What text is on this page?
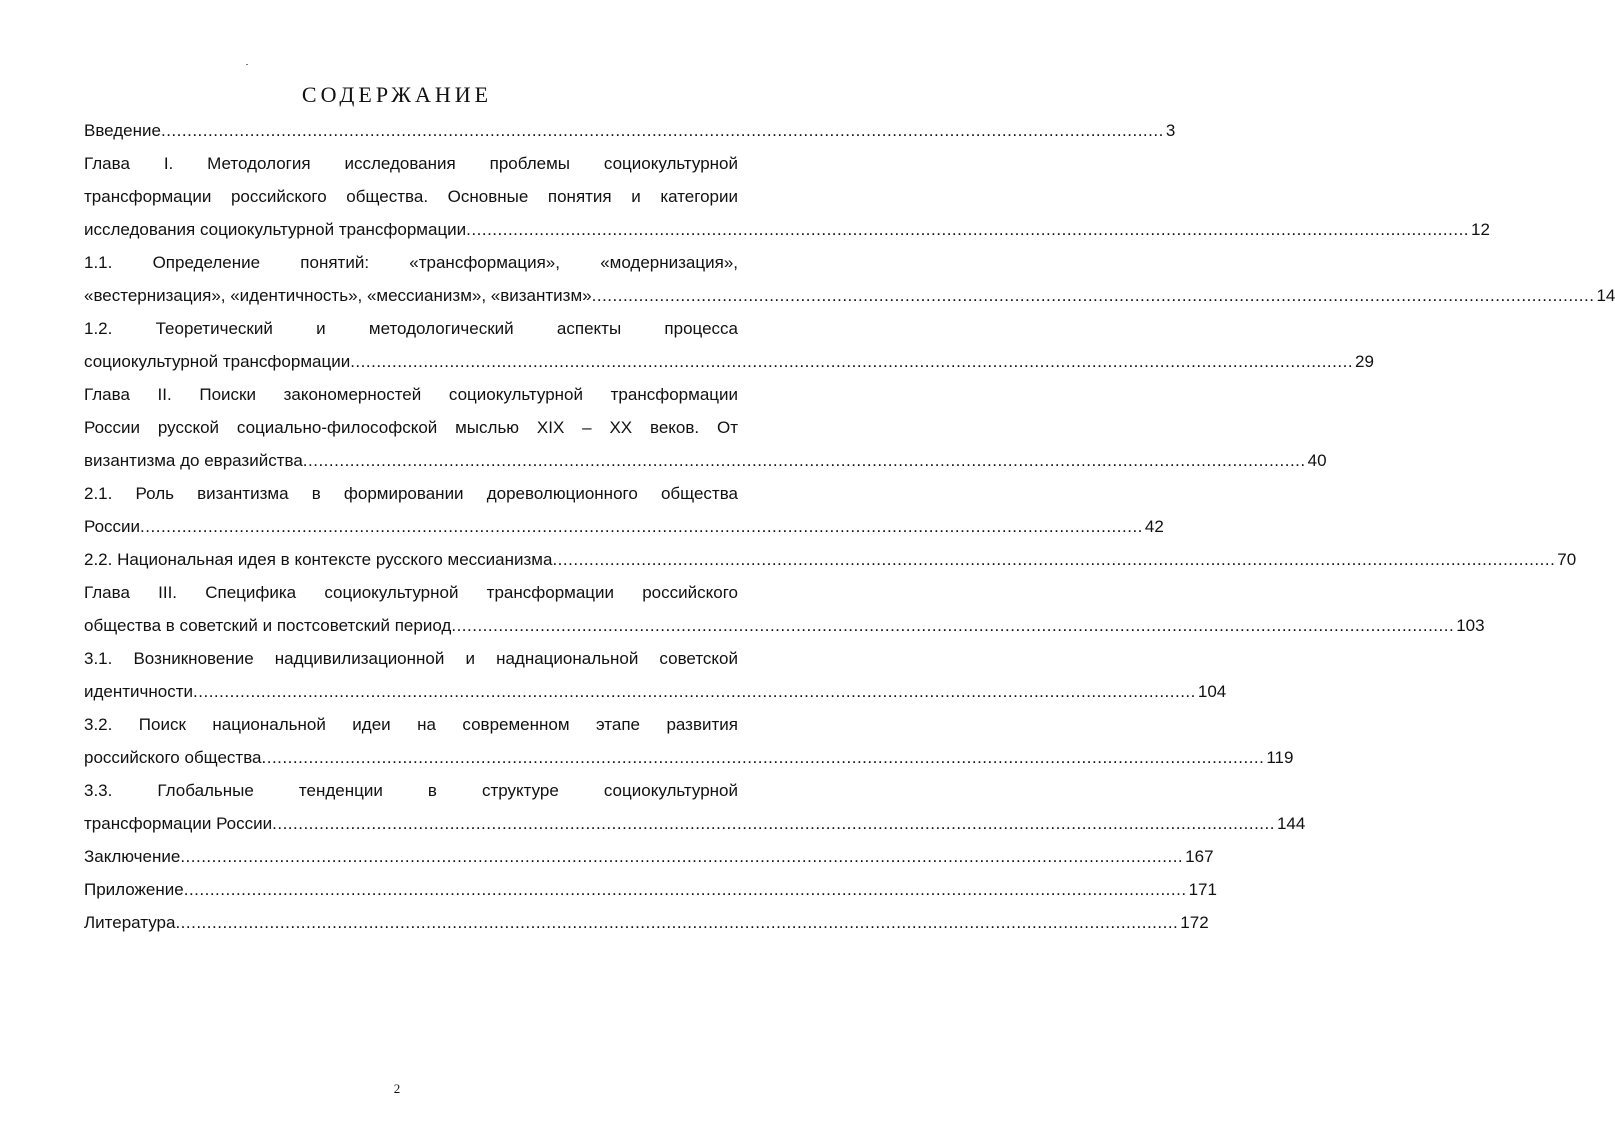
СОДЕРЖАНИЕ
Введение ................................................................................................................................................................................................ 3
Глава I. Методология исследования проблемы социокультурной
трансформации российского общества. Основные понятия и категории
исследования социокультурной трансформации ................................................................................................................................................................................................ 12
1.1. Определение понятий: «трансформация», «модернизация»,
«вестернизация», «идентичность», «мессианизм», «византизм» ................................................................................................................................................................................................ 14
1.2. Теоретический и методологический аспекты процесса
социокультурной трансформации ................................................................................................................................................................................................ 29
Глава II. Поиски закономерностей социокультурной трансформации
России русской социально-философской мыслью XIX – XX веков. От
византизма до евразийства ................................................................................................................................................................................................ 40
2.1. Роль византизма в формировании дореволюционного общества
России ................................................................................................................................................................................................ 42
2.2. Национальная идея в контексте русского мессианизма ................................................................................................................................................................................................ 70
Глава III. Специфика социокультурной трансформации российского
общества в советский и постсоветский период ................................................................................................................................................................................................ 103
3.1. Возникновение надцивилизационной и наднациональной советской
идентичности ................................................................................................................................................................................................ 104
3.2. Поиск национальной идеи на современном этапе развития
российского общества ................................................................................................................................................................................................ 119
3.3. Глобальные тенденции в структуре социокультурной
трансформации России ................................................................................................................................................................................................ 144
Заключение ................................................................................................................................................................................................ 167
Приложение ................................................................................................................................................................................................ 171
Литература ................................................................................................................................................................................................ 172
2
